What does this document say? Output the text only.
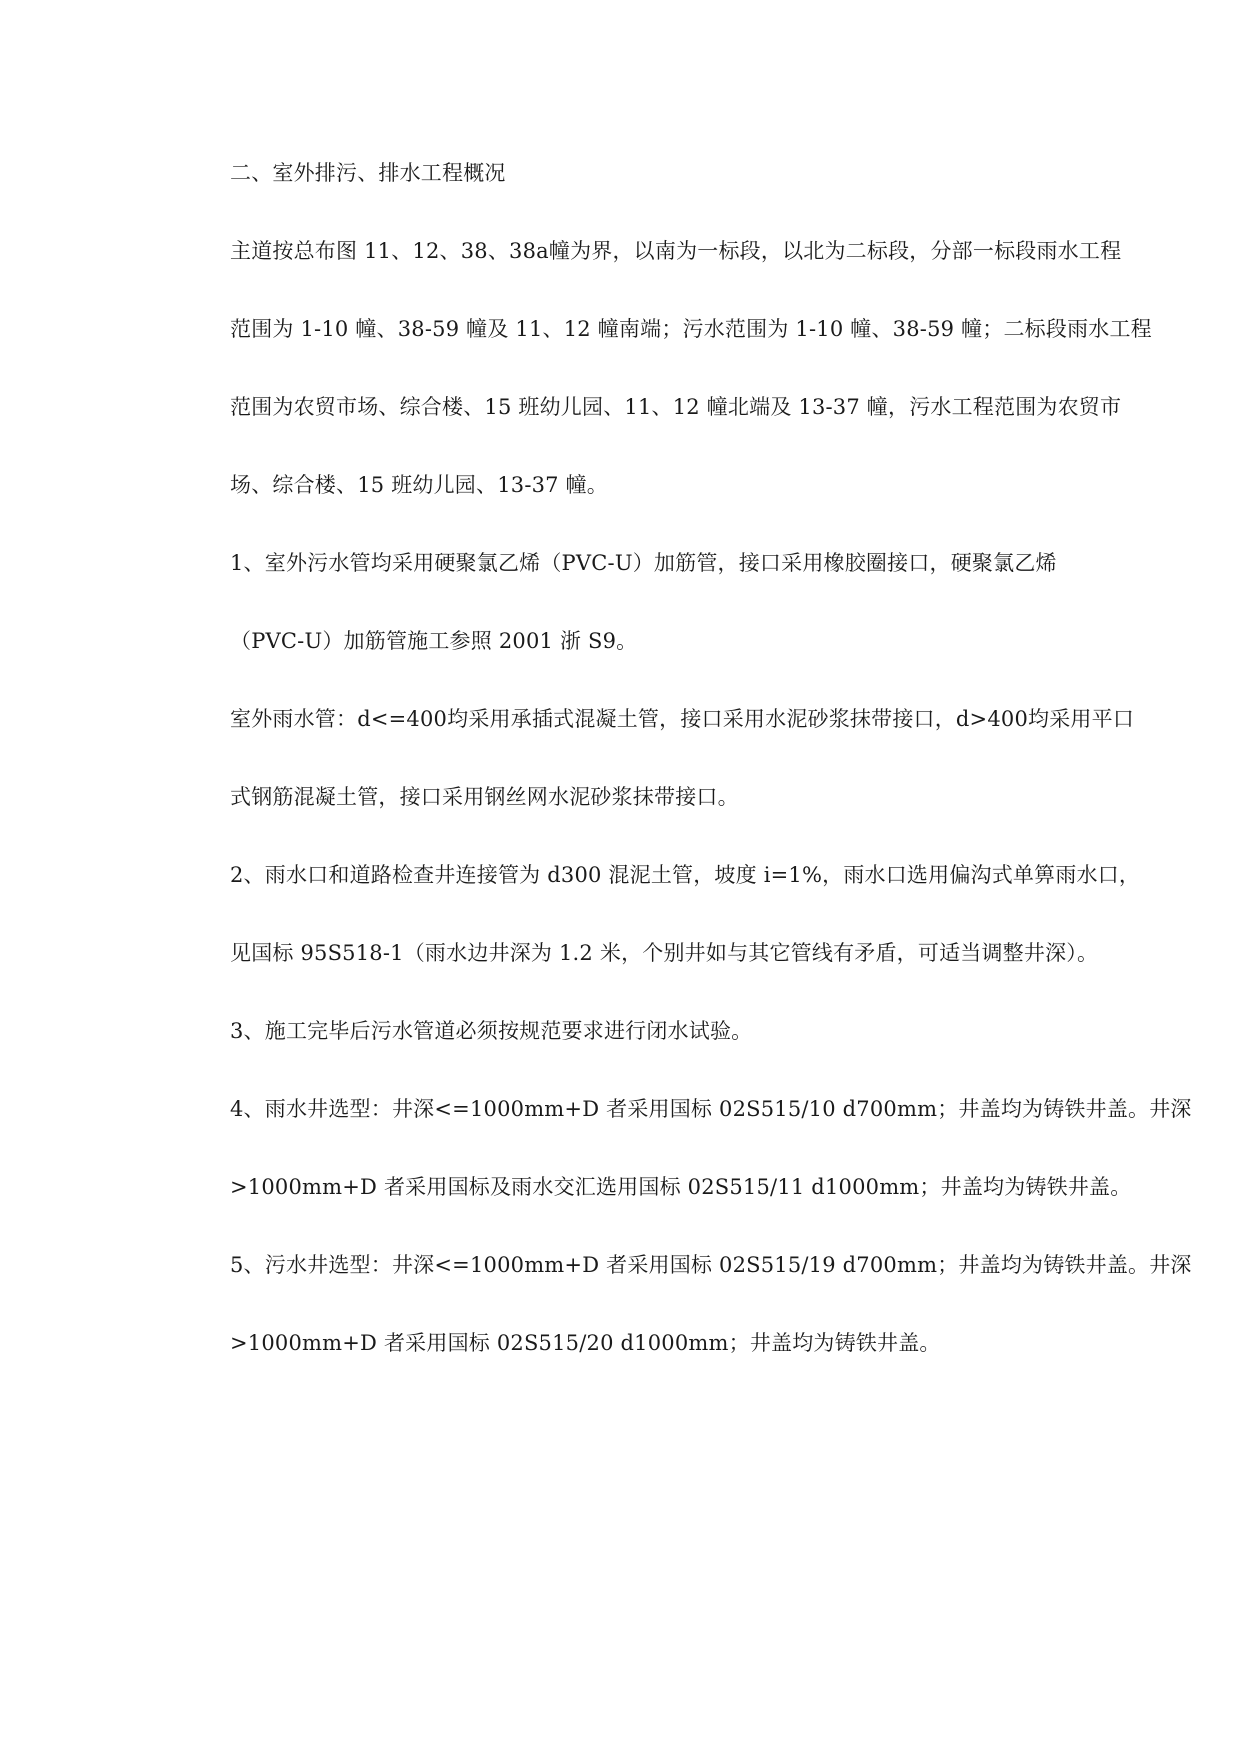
二、室外排污、排水工程概况
主道按总布图 11、12、38、38a幢为界，以南为一标段，以北为二标段，分部一标段雨水工程
范围为 1-10 幢、38-59 幢及 11、12 幢南端；污水范围为 1-10 幢、38-59 幢；二标段雨水工程
范围为农贸市场、综合楼、15 班幼儿园、11、12 幢北端及 13-37 幢，污水工程范围为农贸市
场、综合楼、15 班幼儿园、13-37 幢。
1、室外污水管均采用硬聚氯乙烯（PVC-U）加筋管，接口采用橡胶圈接口，硬聚氯乙烯
（PVC-U）加筋管施工参照 2001 浙 S9。
室外雨水管：d<=400均采用承插式混凝土管，接口采用水泥砂浆抹带接口，d>400均采用平口
式钢筋混凝土管，接口采用钢丝网水泥砂浆抹带接口。
2、雨水口和道路检查井连接管为 d300 混泥土管，坡度 i=1%，雨水口选用偏沟式单箅雨水口，
见国标 95S518-1（雨水边井深为 1.2 米，个别井如与其它管线有矛盾，可适当调整井深）。
3、施工完毕后污水管道必须按规范要求进行闭水试验。
4、雨水井选型：井深<=1000mm+D 者采用国标 02S515/10 d700mm；井盖均为铸铁井盖。井深
>1000mm+D 者采用国标及雨水交汇选用国标 02S515/11 d1000mm；井盖均为铸铁井盖。
5、污水井选型：井深<=1000mm+D 者采用国标 02S515/19 d700mm；井盖均为铸铁井盖。井深
>1000mm+D 者采用国标 02S515/20 d1000mm；井盖均为铸铁井盖。
